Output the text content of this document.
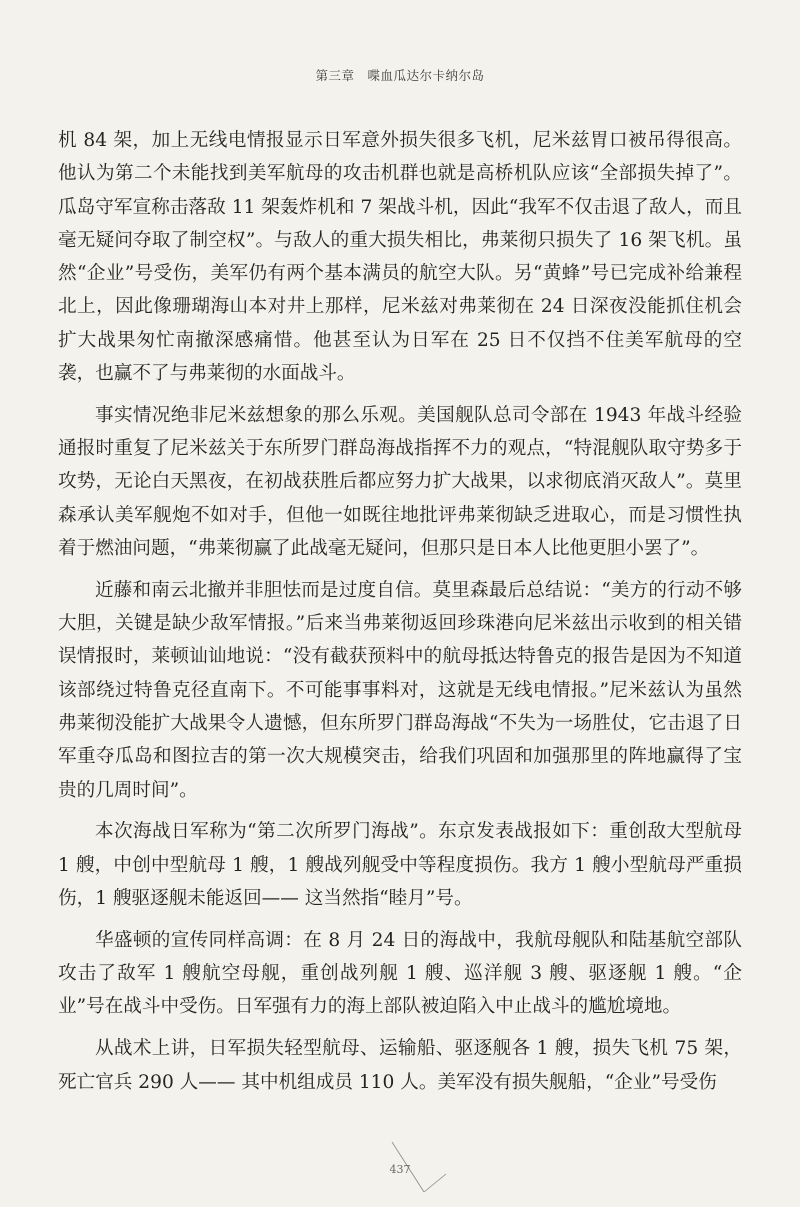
第三章　喋血瓜达尔卡纳尔岛

机 84 架，加上无线电情报显示日军意外损失很多飞机，尼米兹胃口被吊得很高。他认为第二个未能找到美军航母的攻击机群也就是高桥机队应该“全部损失掉了”。瓜岛守军宣称击落敌 11 架轰炸机和 7 架战斗机，因此“我军不仅击退了敌人，而且毫无疑问夺取了制空权”。与敌人的重大损失相比，弗莱彻只损失了 16 架飞机。虽然“企业”号受伤，美军仍有两个基本满员的航空大队。另“黄蜂”号已完成补给兼程北上，因此像珊瑚海山本对井上那样，尼米兹对弗莱彻在 24 日深夜没能抓住机会扩大战果匆忙南撤深感痛惜。他甚至认为日军在 25 日不仅挡不住美军航母的空袭，也赢不了与弗莱彻的水面战斗。

事实情况绝非尼米兹想象的那么乐观。美国舰队总司令部在 1943 年战斗经验通报时重复了尼米兹关于东所罗门群岛海战指挥不力的观点，“特混舰队取守势多于攻势，无论白天黑夜，在初战获胜后都应努力扩大战果，以求彻底消灭敌人”。莫里森承认美军舰炮不如对手，但他一如既往地批评弗莱彻缺乏进取心，而是习惯性执着于燃油问题，“弗莱彻赢了此战毫无疑问，但那只是日本人比他更胆小罢了”。

近藤和南云北撤并非胆怯而是过度自信。莫里森最后总结说：“美方的行动不够大胆，关键是缺少敌军情报。”后来当弗莱彻返回珍珠港向尼米兹出示收到的相关错误情报时，莱顿讪讪地说：“没有截获预料中的航母抵达特鲁克的报告是因为不知道该部绕过特鲁克径直南下。不可能事事料对，这就是无线电情报。”尼米兹认为虽然弗莱彻没能扩大战果令人遗憾，但东所罗门群岛海战“不失为一场胜仗，它击退了日军重夺瓜岛和图拉吉的第一次大规模突击，给我们巩固和加强那里的阵地赢得了宝贵的几周时间”。

本次海战日军称为“第二次所罗门海战”。东京发表战报如下：重创敌大型航母 1 艘，中创中型航母 1 艘，1 艘战列舰受中等程度损伤。我方 1 艘小型航母严重损伤，1 艘驱逐舰未能返回—— 这当然指“睦月”号。

华盛顿的宣传同样高调：在 8 月 24 日的海战中，我航母舰队和陆基航空部队攻击了敌军 1 艘航空母舰，重创战列舰 1 艘、巡洋舰 3 艘、驱逐舰 1 艘。“企业”号在战斗中受伤。日军强有力的海上部队被迫陷入中止战斗的尴尬境地。

从战术上讲，日军损失轻型航母、运输船、驱逐舰各 1 艘，损失飞机 75 架，死亡官兵 290 人—— 其中机组成员 110 人。美军没有损失舰船，“企业”号受伤

437
